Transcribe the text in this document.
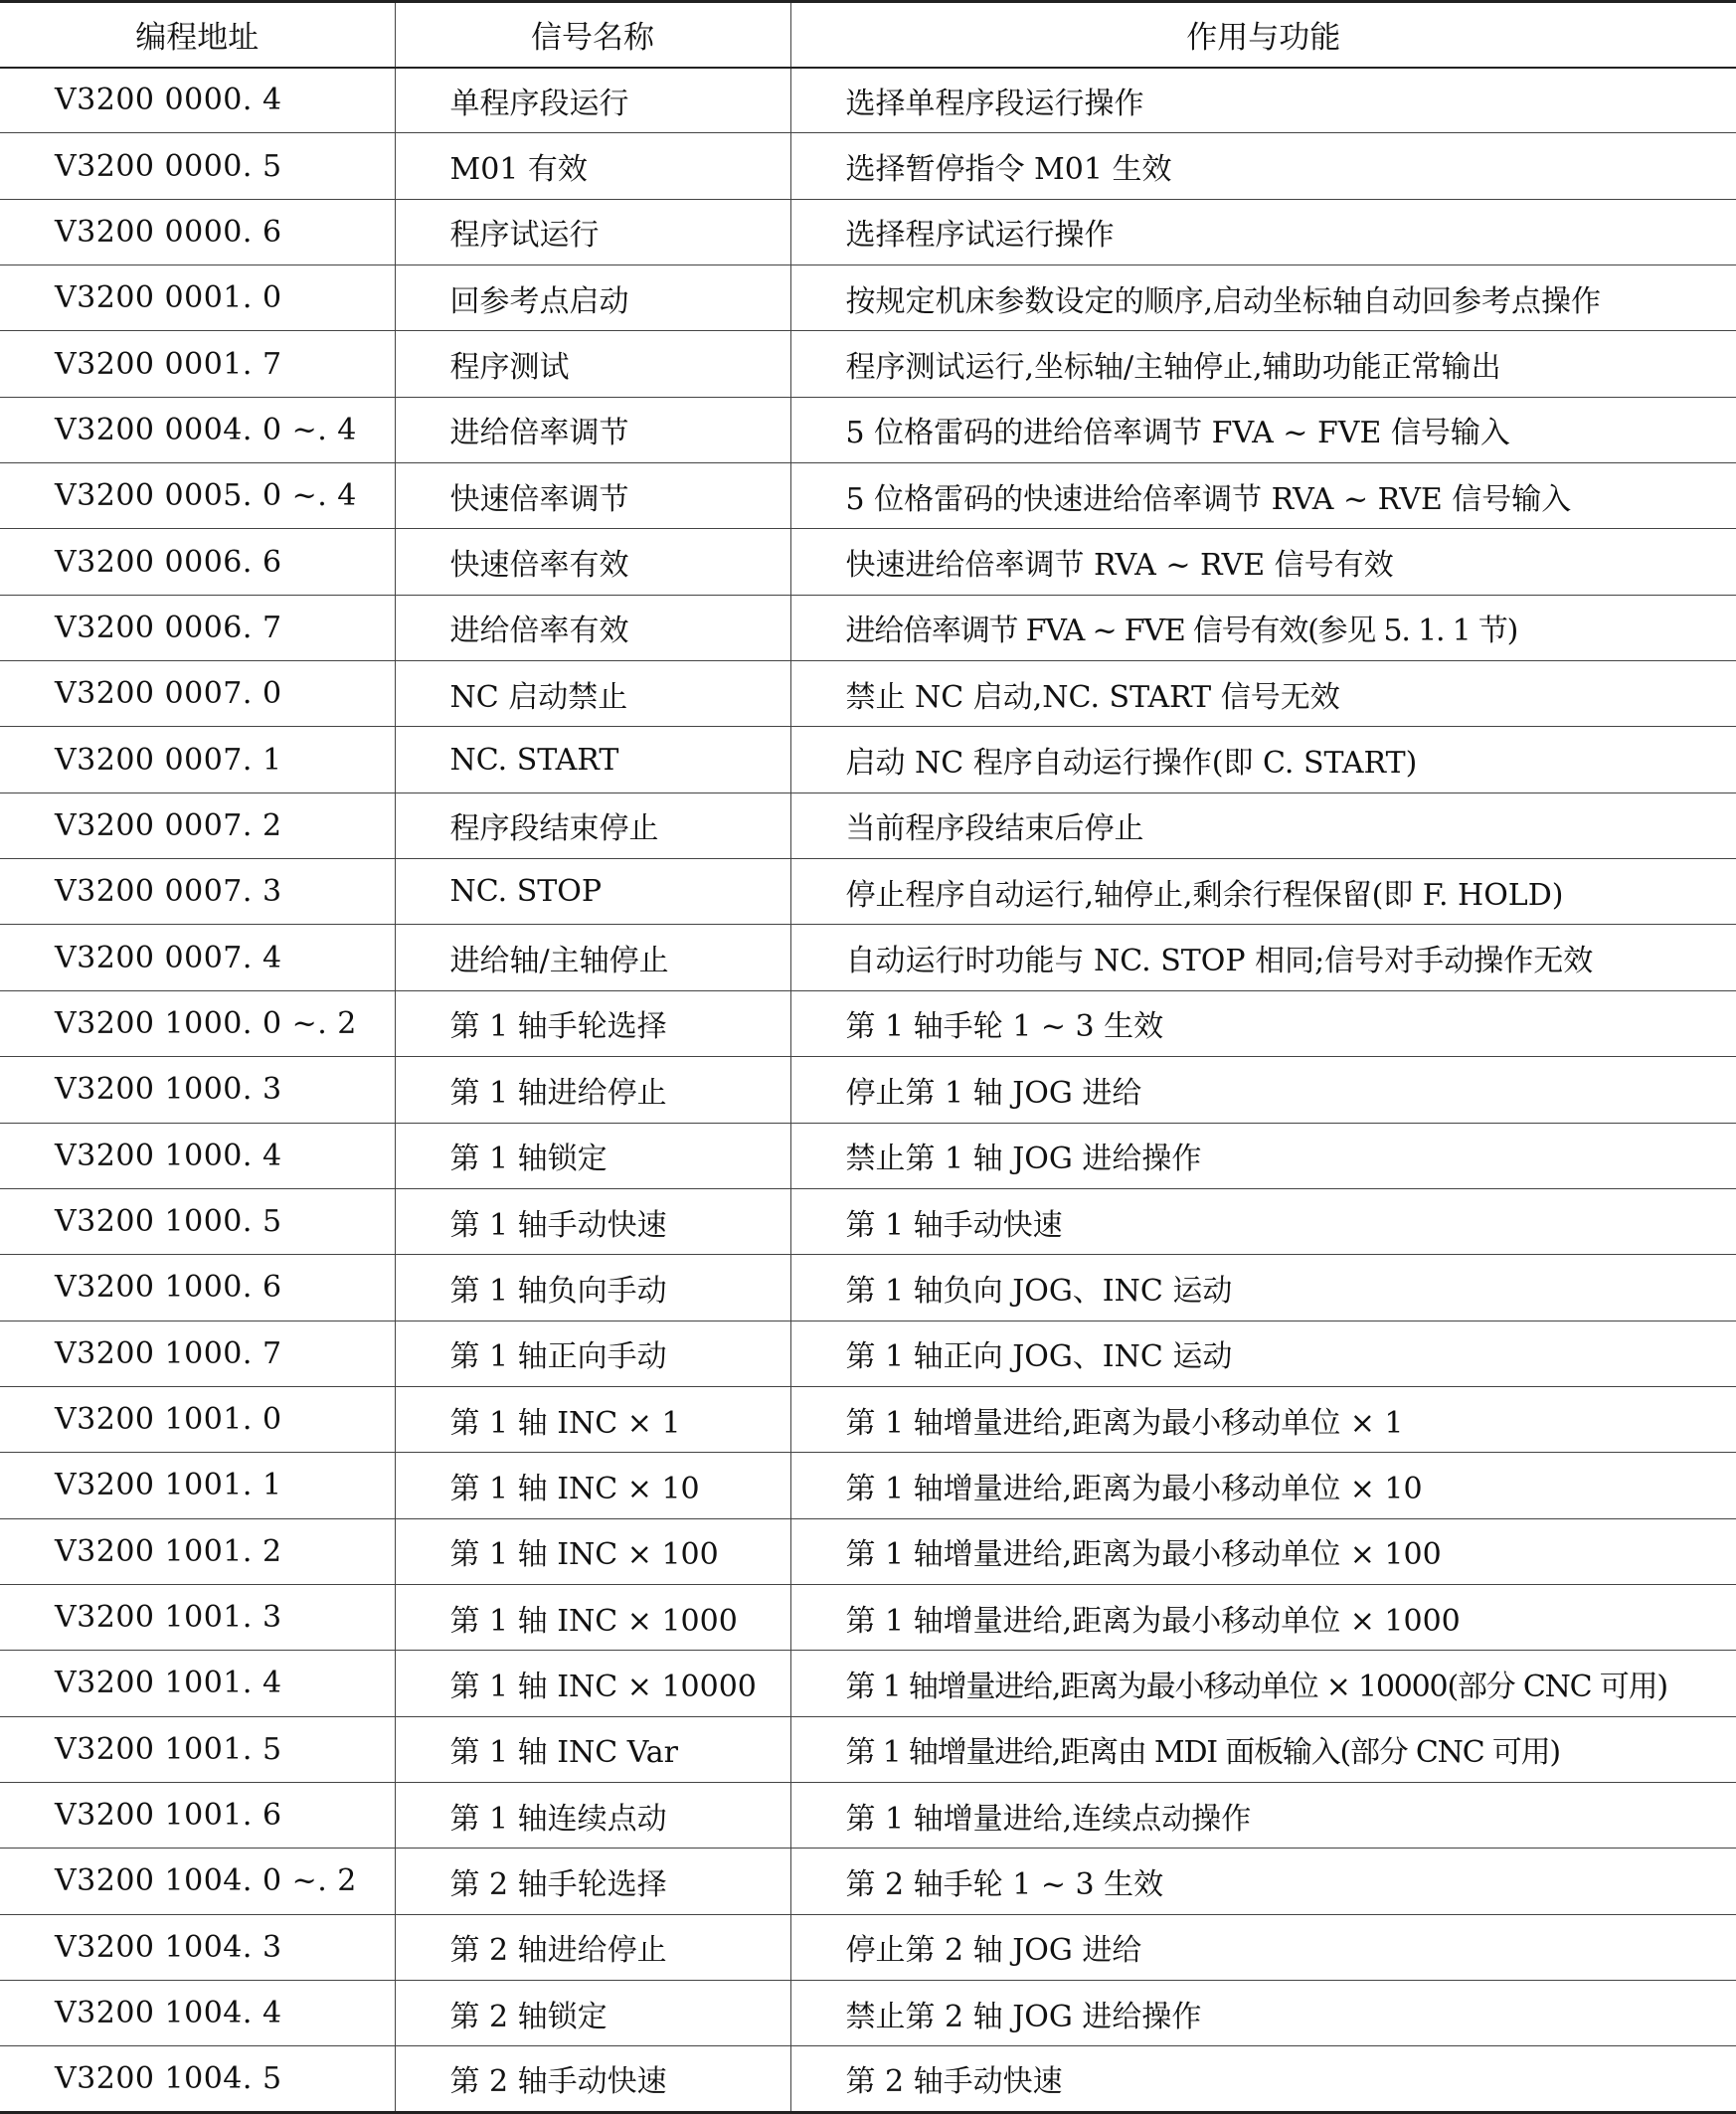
编程地址	信号名称	作用与功能
V3200 0000. 4	单程序段运行	选择单程序段运行操作
V3200 0000. 5	M01 有效	选择暂停指令 M01 生效
V3200 0000. 6	程序试运行	选择程序试运行操作
V3200 0001. 0	回参考点启动	按规定机床参数设定的顺序,启动坐标轴自动回参考点操作
V3200 0001. 7	程序测试	程序测试运行,坐标轴/主轴停止,辅助功能正常输出
V3200 0004. 0 ~. 4	进给倍率调节	5 位格雷码的进给倍率调节 FVA ~ FVE 信号输入
V3200 0005. 0 ~. 4	快速倍率调节	5 位格雷码的快速进给倍率调节 RVA ~ RVE 信号输入
V3200 0006. 6	快速倍率有效	快速进给倍率调节 RVA ~ RVE 信号有效
V3200 0006. 7	进给倍率有效	进给倍率调节 FVA ~ FVE 信号有效(参见 5. 1. 1 节)
V3200 0007. 0	NC 启动禁止	禁止 NC 启动,NC. START 信号无效
V3200 0007. 1	NC. START	启动 NC 程序自动运行操作(即 C. START)
V3200 0007. 2	程序段结束停止	当前程序段结束后停止
V3200 0007. 3	NC. STOP	停止程序自动运行,轴停止,剩余行程保留(即 F. HOLD)
V3200 0007. 4	进给轴/主轴停止	自动运行时功能与 NC. STOP 相同;信号对手动操作无效
V3200 1000. 0 ~. 2	第 1 轴手轮选择	第 1 轴手轮 1 ~ 3 生效
V3200 1000. 3	第 1 轴进给停止	停止第 1 轴 JOG 进给
V3200 1000. 4	第 1 轴锁定	禁止第 1 轴 JOG 进给操作
V3200 1000. 5	第 1 轴手动快速	第 1 轴手动快速
V3200 1000. 6	第 1 轴负向手动	第 1 轴负向 JOG、INC 运动
V3200 1000. 7	第 1 轴正向手动	第 1 轴正向 JOG、INC 运动
V3200 1001. 0	第 1 轴 INC × 1	第 1 轴增量进给,距离为最小移动单位 × 1
V3200 1001. 1	第 1 轴 INC × 10	第 1 轴增量进给,距离为最小移动单位 × 10
V3200 1001. 2	第 1 轴 INC × 100	第 1 轴增量进给,距离为最小移动单位 × 100
V3200 1001. 3	第 1 轴 INC × 1000	第 1 轴增量进给,距离为最小移动单位 × 1000
V3200 1001. 4	第 1 轴 INC × 10000	第 1 轴增量进给,距离为最小移动单位 × 10000(部分 CNC 可用)
V3200 1001. 5	第 1 轴 INC Var	第 1 轴增量进给,距离由 MDI 面板输入(部分 CNC 可用)
V3200 1001. 6	第 1 轴连续点动	第 1 轴增量进给,连续点动操作
V3200 1004. 0 ~. 2	第 2 轴手轮选择	第 2 轴手轮 1 ~ 3 生效
V3200 1004. 3	第 2 轴进给停止	停止第 2 轴 JOG 进给
V3200 1004. 4	第 2 轴锁定	禁止第 2 轴 JOG 进给操作
V3200 1004. 5	第 2 轴手动快速	第 2 轴手动快速
